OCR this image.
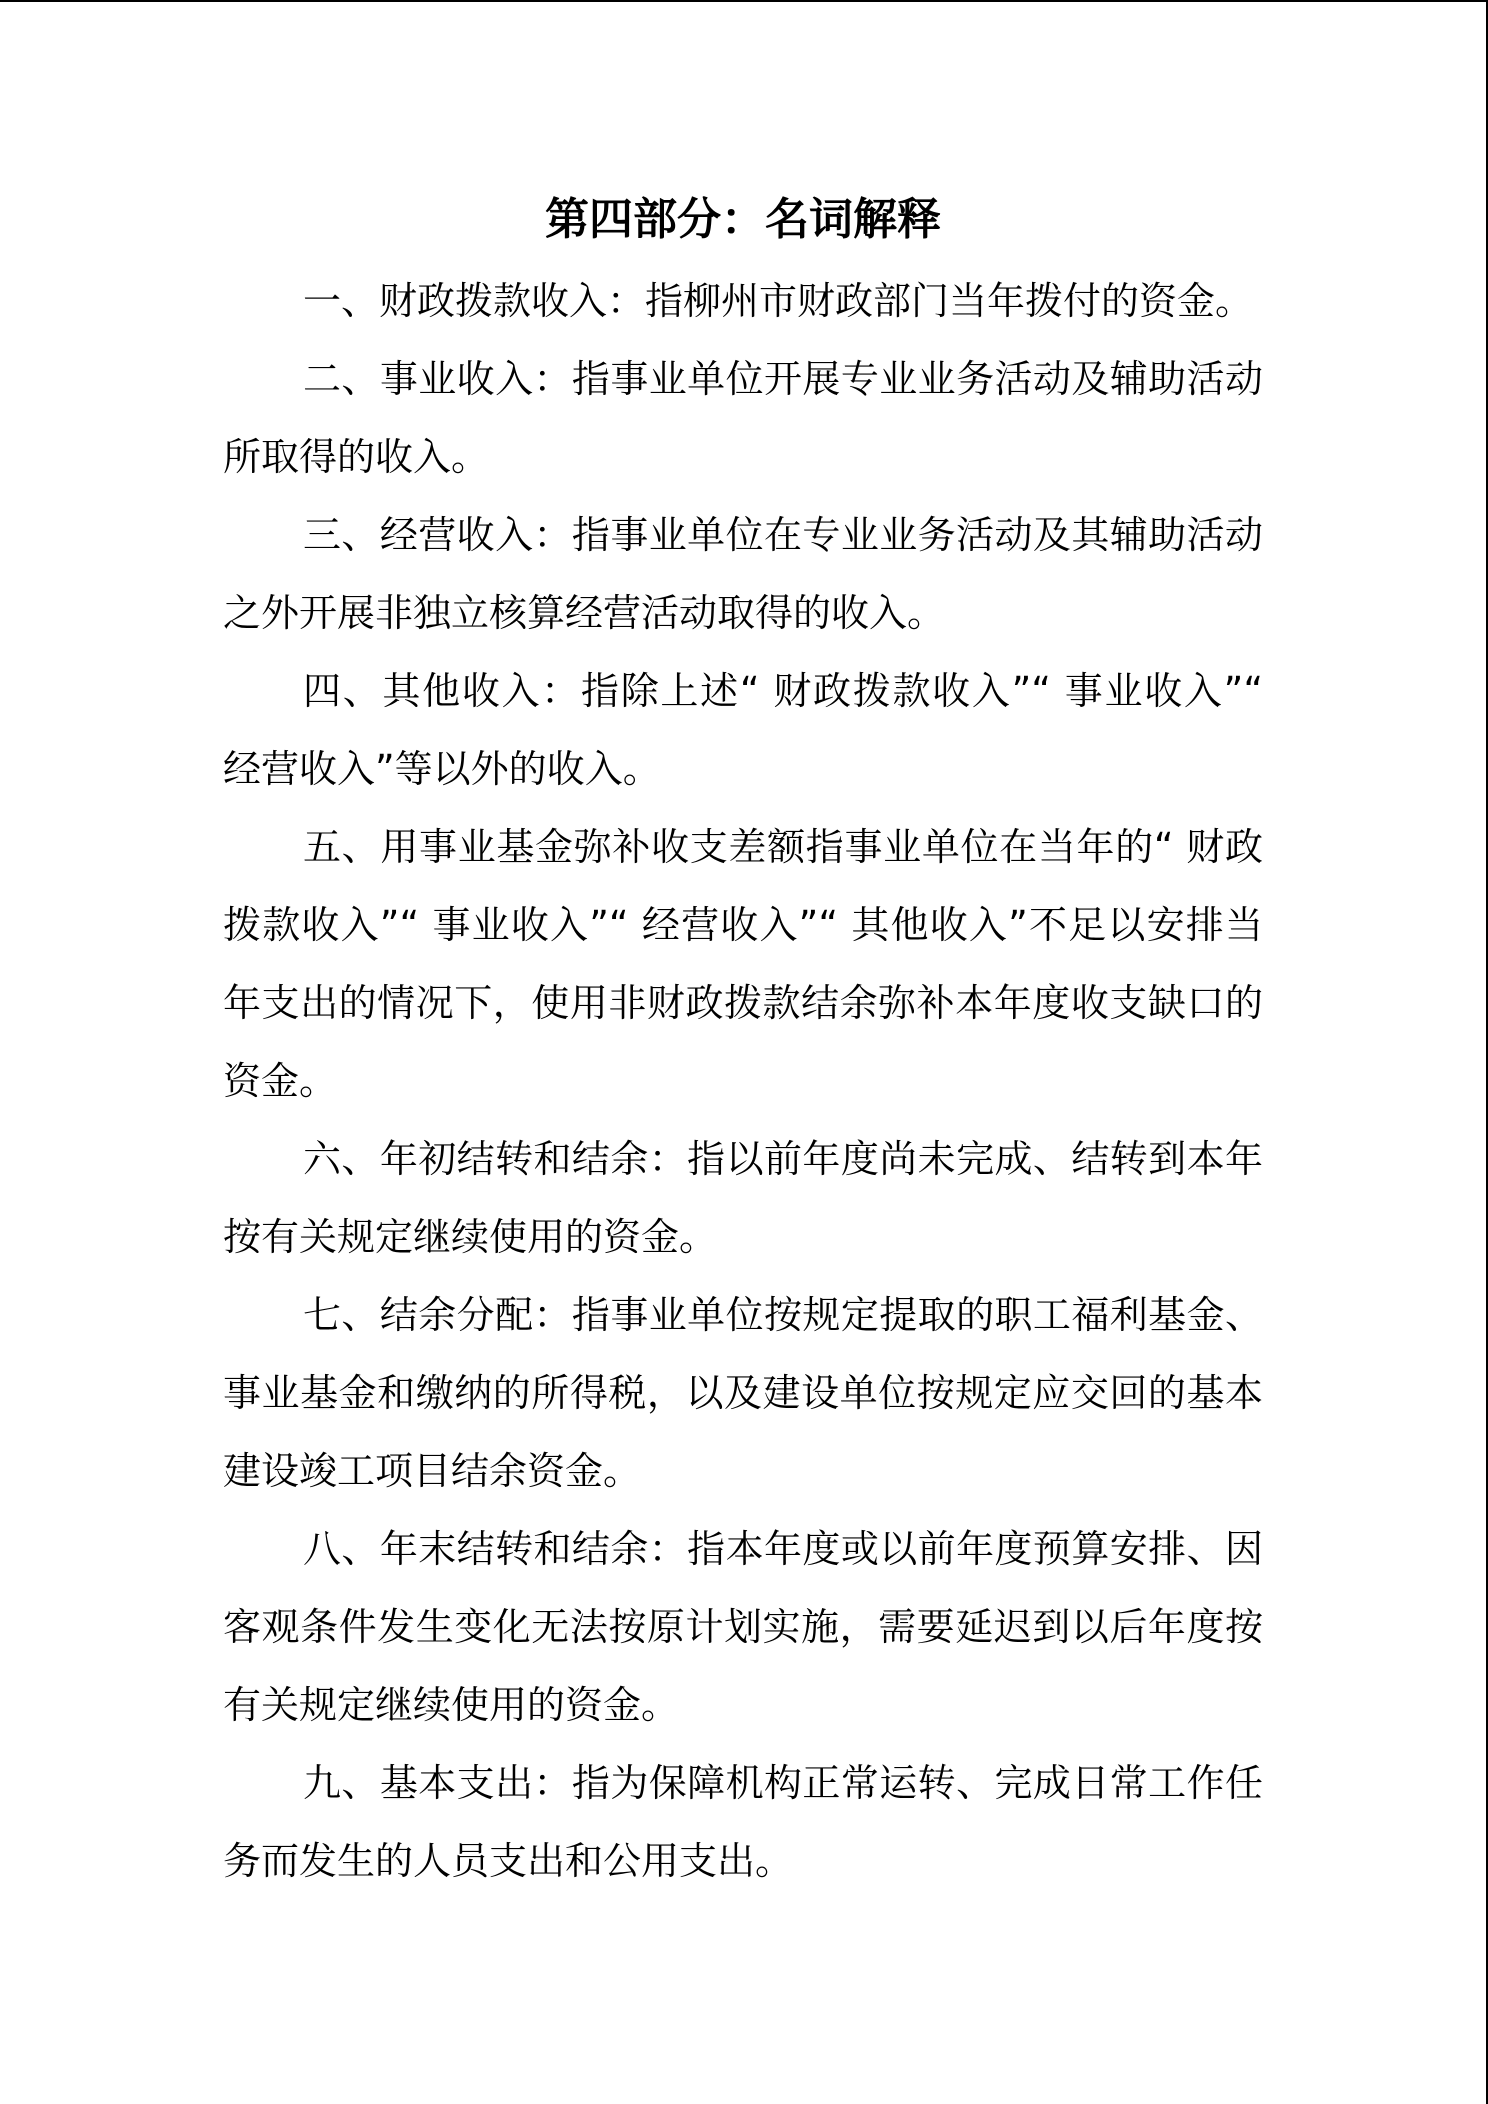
第四部分：名词解释

一、财政拨款收入：指柳州市财政部门当年拨付的资金。

二、事业收入：指事业单位开展专业业务活动及辅助活动所取得的收入。

三、经营收入：指事业单位在专业业务活动及其辅助活动之外开展非独立核算经营活动取得的收入。

四、其他收入：指除上述“ 财政拨款收入”“ 事业收入”“ 经营收入”等以外的收入。

五、用事业基金弥补收支差额指事业单位在当年的“ 财政拨款收入”“ 事业收入”“ 经营收入”“ 其他收入”不足以安排当年支出的情况下，使用非财政拨款结余弥补本年度收支缺口的资金。

六、年初结转和结余：指以前年度尚未完成、结转到本年 按有关规定继续使用的资金。

七、结余分配：指事业单位按规定提取的职工福利基金、事业基金和缴纳的所得税，以及建设单位按规定应交回的基本建设竣工项目结余资金。

八、年末结转和结余：指本年度或以前年度预算安排、因客观条件发生变化无法按原计划实施，需要延迟到以后年度按有关规定继续使用的资金。

九、基本支出：指为保障机构正常运转、完成日常工作任务而发生的人员支出和公用支出。
